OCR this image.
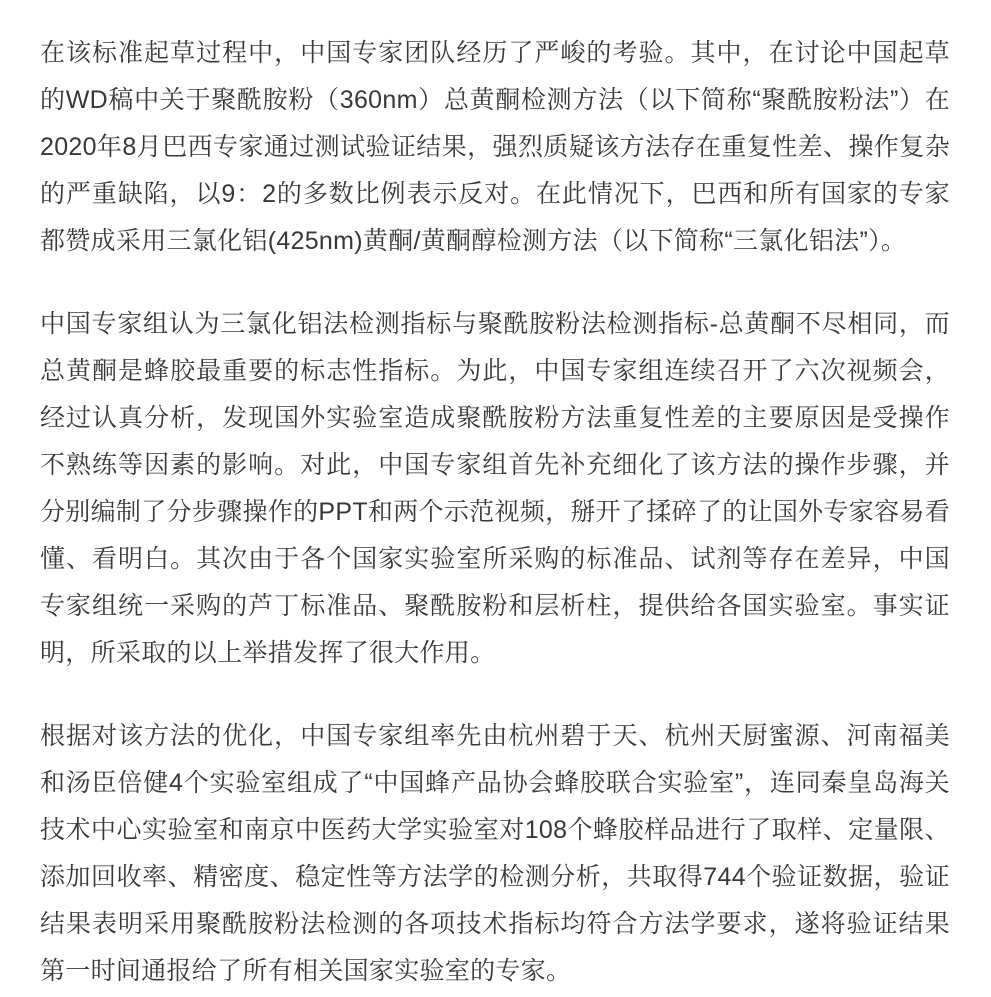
在该标准起草过程中，中国专家团队经历了严峻的考验。其中，在讨论中国起草的WD稿中关于聚酰胺粉（360nm）总黄酮检测方法（以下简称“聚酰胺粉法”）在2020年8月巴西专家通过测试验证结果，强烈质疑该方法存在重复性差、操作复杂的严重缺陷，以9：2的多数比例表示反对。在此情况下，巴西和所有国家的专家都赞成采用三氯化铝(425nm)黄酮/黄酮醇检测方法（以下简称“三氯化铝法”）。

中国专家组认为三氯化铝法检测指标与聚酰胺粉法检测指标-总黄酮不尽相同，而总黄酮是蜂胶最重要的标志性指标。为此，中国专家组连续召开了六次视频会，经过认真分析，发现国外实验室造成聚酰胺粉方法重复性差的主要原因是受操作不熟练等因素的影响。对此，中国专家组首先补充细化了该方法的操作步骤，并分别编制了分步骤操作的PPT和两个示范视频，掰开了揉碎了的让国外专家容易看懂、看明白。其次由于各个国家实验室所采购的标准品、试剂等存在差异，中国专家组统一采购的芦丁标准品、聚酰胺粉和层析柱，提供给各国实验室。事实证明，所采取的以上举措发挥了很大作用。

根据对该方法的优化，中国专家组率先由杭州碧于天、杭州天厨蜜源、河南福美和汤臣倍健4个实验室组成了“中国蜂产品协会蜂胶联合实验室”，连同秦皇岛海关技术中心实验室和南京中医药大学实验室对108个蜂胶样品进行了取样、定量限、添加回收率、精密度、稳定性等方法学的检测分析，共取得744个验证数据，验证结果表明采用聚酰胺粉法检测的各项技术指标均符合方法学要求，遂将验证结果第一时间通报给了所有相关国家实验室的专家。
